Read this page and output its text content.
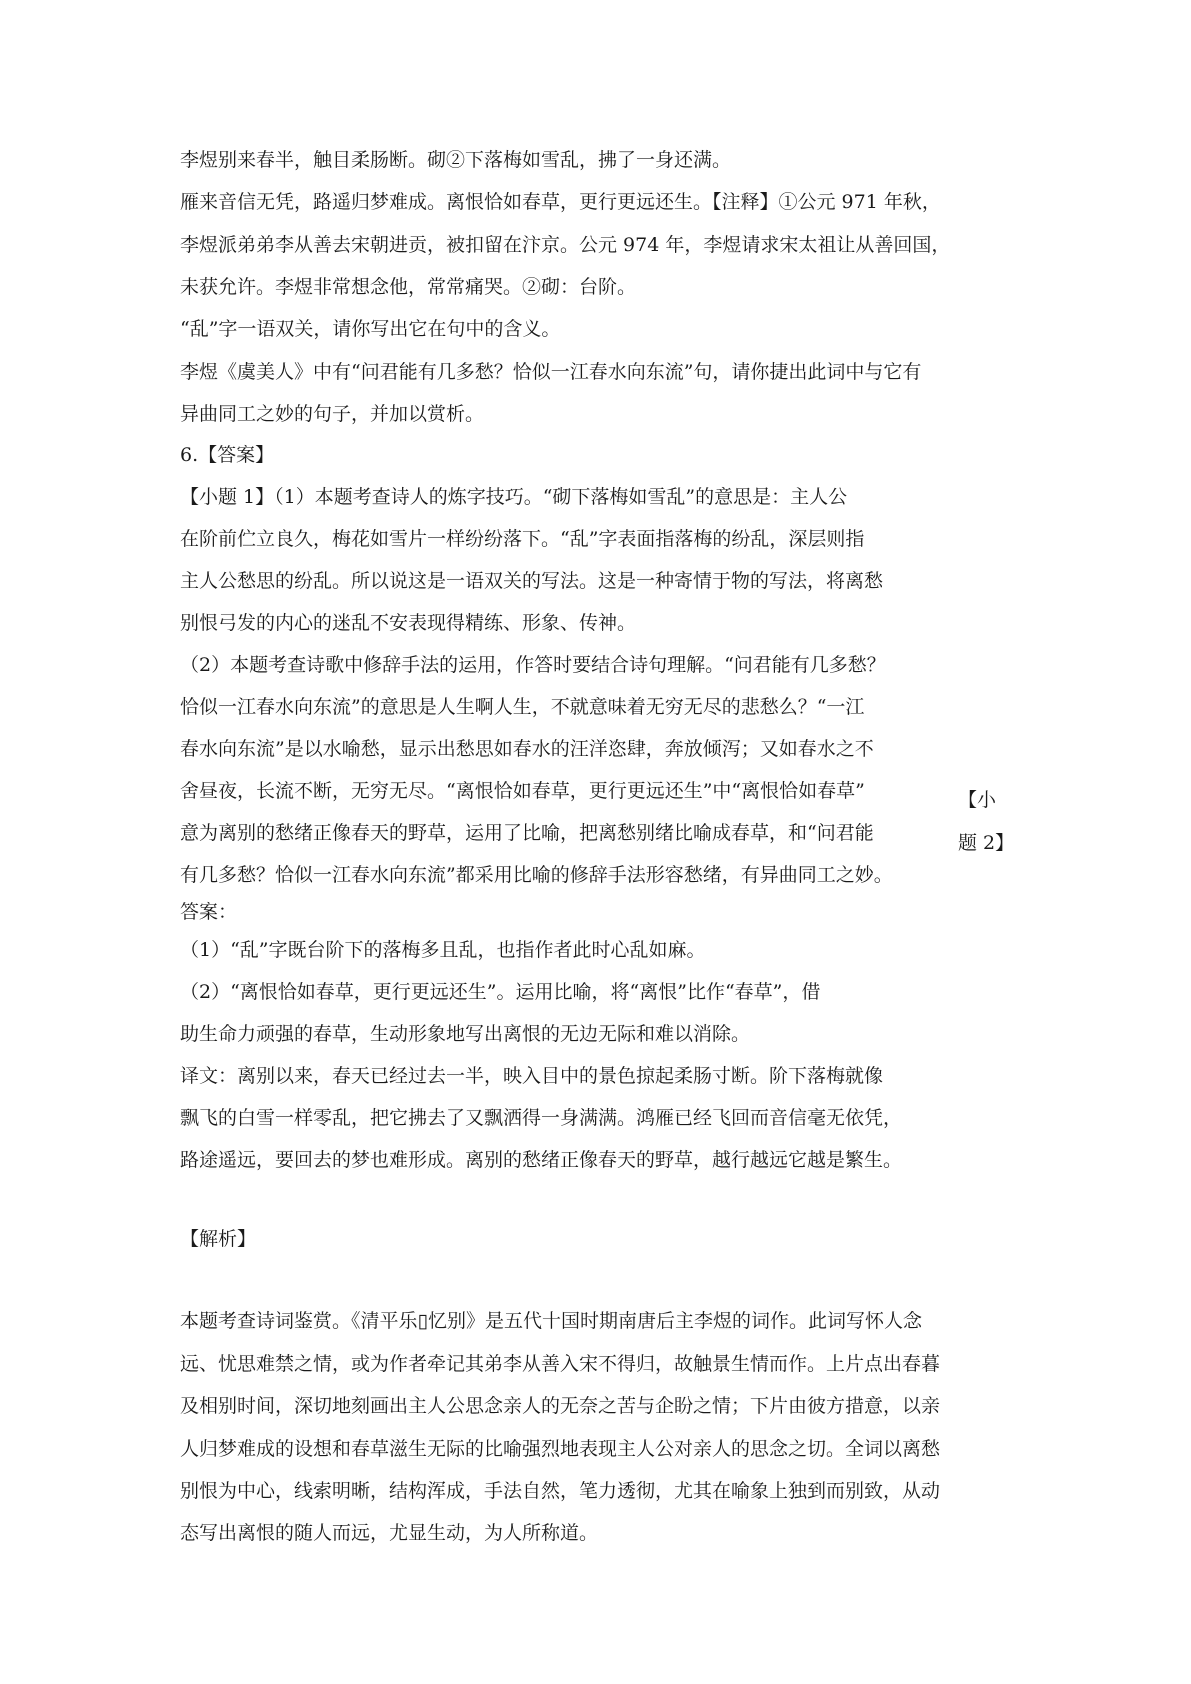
李煜别来春半，触目柔肠断。砌②下落梅如雪乱，拂了一身还满。
雁来音信无凭，路遥归梦难成。离恨恰如春草，更行更远还生。【注释】①公元 971 年秋，
李煜派弟弟李从善去宋朝进贡，被扣留在汴京。公元 974 年，李煜请求宋太祖让从善回国，
未获允许。李煜非常想念他，常常痛哭。②砌：台阶。
“乱”字一语双关，请你写出它在句中的含义。
李煜《虞美人》中有“问君能有几多愁？恰似一江春水向东流”句，请你捷出此词中与它有
异曲同工之妙的句子，并加以赏析。
6.【答案】
【小题 1】（1）本题考查诗人的炼字技巧。“砌下落梅如雪乱”的意思是：主人公
在阶前伫立良久，梅花如雪片一样纷纷落下。“乱”字表面指落梅的纷乱，深层则指
主人公愁思的纷乱。所以说这是一语双关的写法。这是一种寄情于物的写法，将离愁
别恨弓发的内心的迷乱不安表现得精练、形象、传神。
（2）本题考查诗歌中修辞手法的运用，作答时要结合诗句理解。“问君能有几多愁？
恰似一江春水向东流”的意思是人生啊人生，不就意味着无穷无尽的悲愁么？“一江
春水向东流”是以水喻愁，显示出愁思如春水的汪洋恣肆，奔放倾泻；又如春水之不
舍昼夜，长流不断，无穷无尽。“离恨恰如春草，更行更远还生”中“离恨恰如春草”
意为离别的愁绪正像春天的野草，运用了比喻，把离愁别绪比喻成春草，和“问君能
有几多愁？恰似一江春水向东流”都采用比喻的修辞手法形容愁绪，有异曲同工之妙。
答案：
（1）“乱”字既台阶下的落梅多且乱，也指作者此时心乱如麻。
（2）“离恨恰如春草，更行更远还生”。运用比喻，将“离恨”比作“春草”，借
助生命力顽强的春草，生动形象地写出离恨的无边无际和难以消除。
译文：离别以来，春天已经过去一半，映入目中的景色掠起柔肠寸断。阶下落梅就像
飘飞的白雪一样零乱，把它拂去了又飘洒得一身满满。鸿雁已经飞回而音信毫无依凭，
路途遥远，要回去的梦也难形成。离别的愁绪正像春天的野草，越行越远它越是繁生。
【小
题 2】
【解析】
本题考查诗词鉴赏。《清平乐▯忆别》是五代十国时期南唐后主李煜的词作。此词写怀人念
远、忧思难禁之情，或为作者牵记其弟李从善入宋不得归，故触景生情而作。上片点出春暮
及相别时间，深切地刻画出主人公思念亲人的无奈之苦与企盼之情；下片由彼方措意，以亲
人归梦难成的设想和春草滋生无际的比喻强烈地表现主人公对亲人的思念之切。全词以离愁
别恨为中心，线索明晰，结构浑成，手法自然，笔力透彻，尤其在喻象上独到而别致，从动
态写出离恨的随人而远，尤显生动，为人所称道。
